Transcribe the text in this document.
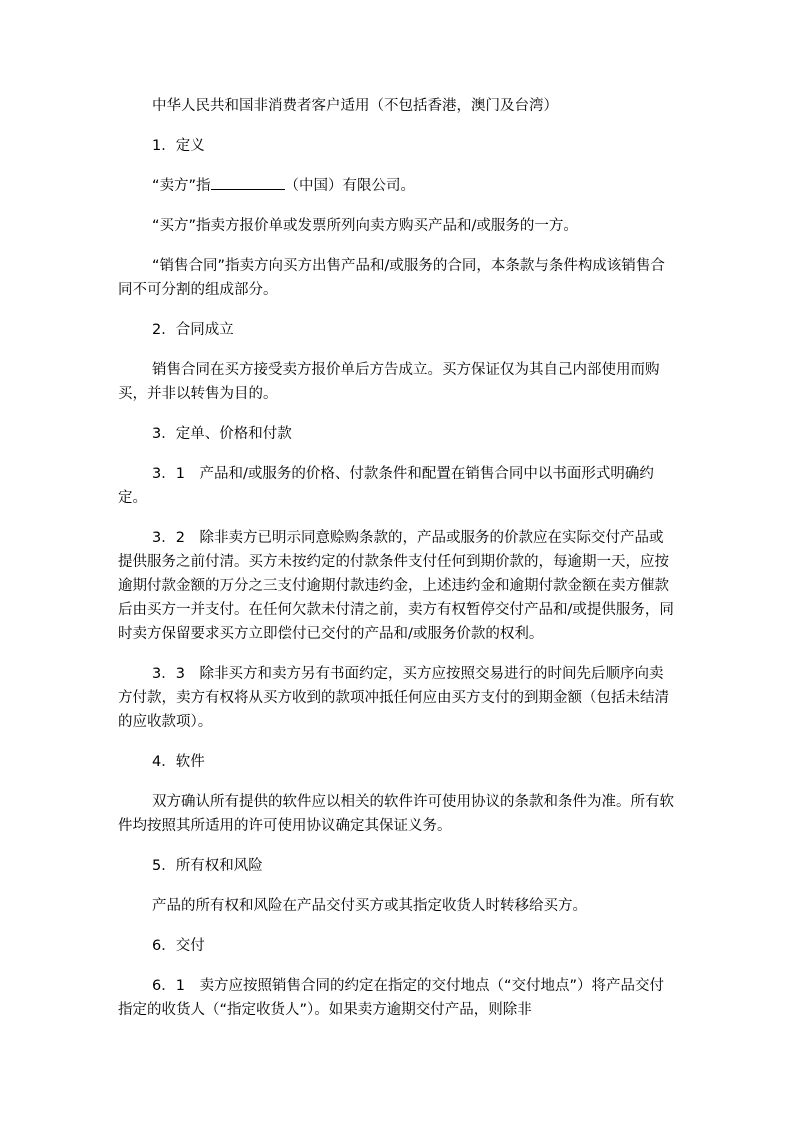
中华人民共和国非消费者客户适用（不包括香港，澳门及台湾）

1．定义

“卖方”指	（中国）有限公司。

“买方”指卖方报价单或发票所列向卖方购买产品和/或服务的一方。

“销售合同”指卖方向买方出售产品和/或服务的合同，本条款与条件构成该销售合同不可分割的组成部分。

2．合同成立

销售合同在买方接受卖方报价单后方告成立。买方保证仅为其自己内部使用而购买，并非以转售为目的。

3．定单、价格和付款

3．1　产品和/或服务的价格、付款条件和配置在销售合同中以书面形式明确约定。

3．2　除非卖方已明示同意赊购条款的，产品或服务的价款应在实际交付产品或提供服务之前付清。买方未按约定的付款条件支付任何到期价款的，每逾期一天，应按逾期付款金额的万分之三支付逾期付款违约金，上述违约金和逾期付款金额在卖方催款后由买方一并支付。在任何欠款未付清之前，卖方有权暂停交付产品和/或提供服务，同时卖方保留要求买方立即偿付已交付的产品和/或服务价款的权利。

3．3　除非买方和卖方另有书面约定，买方应按照交易进行的时间先后顺序向卖方付款，卖方有权将从买方收到的款项冲抵任何应由买方支付的到期金额（包括未结清的应收款项）。

4．软件

双方确认所有提供的软件应以相关的软件许可使用协议的条款和条件为准。所有软件均按照其所适用的许可使用协议确定其保证义务。

5．所有权和风险

产品的所有权和风险在产品交付买方或其指定收货人时转移给买方。

6．交付

6．1　卖方应按照销售合同的约定在指定的交付地点（“交付地点”）将产品交付指定的收货人（“指定收货人”）。如果卖方逾期交付产品，则除非
